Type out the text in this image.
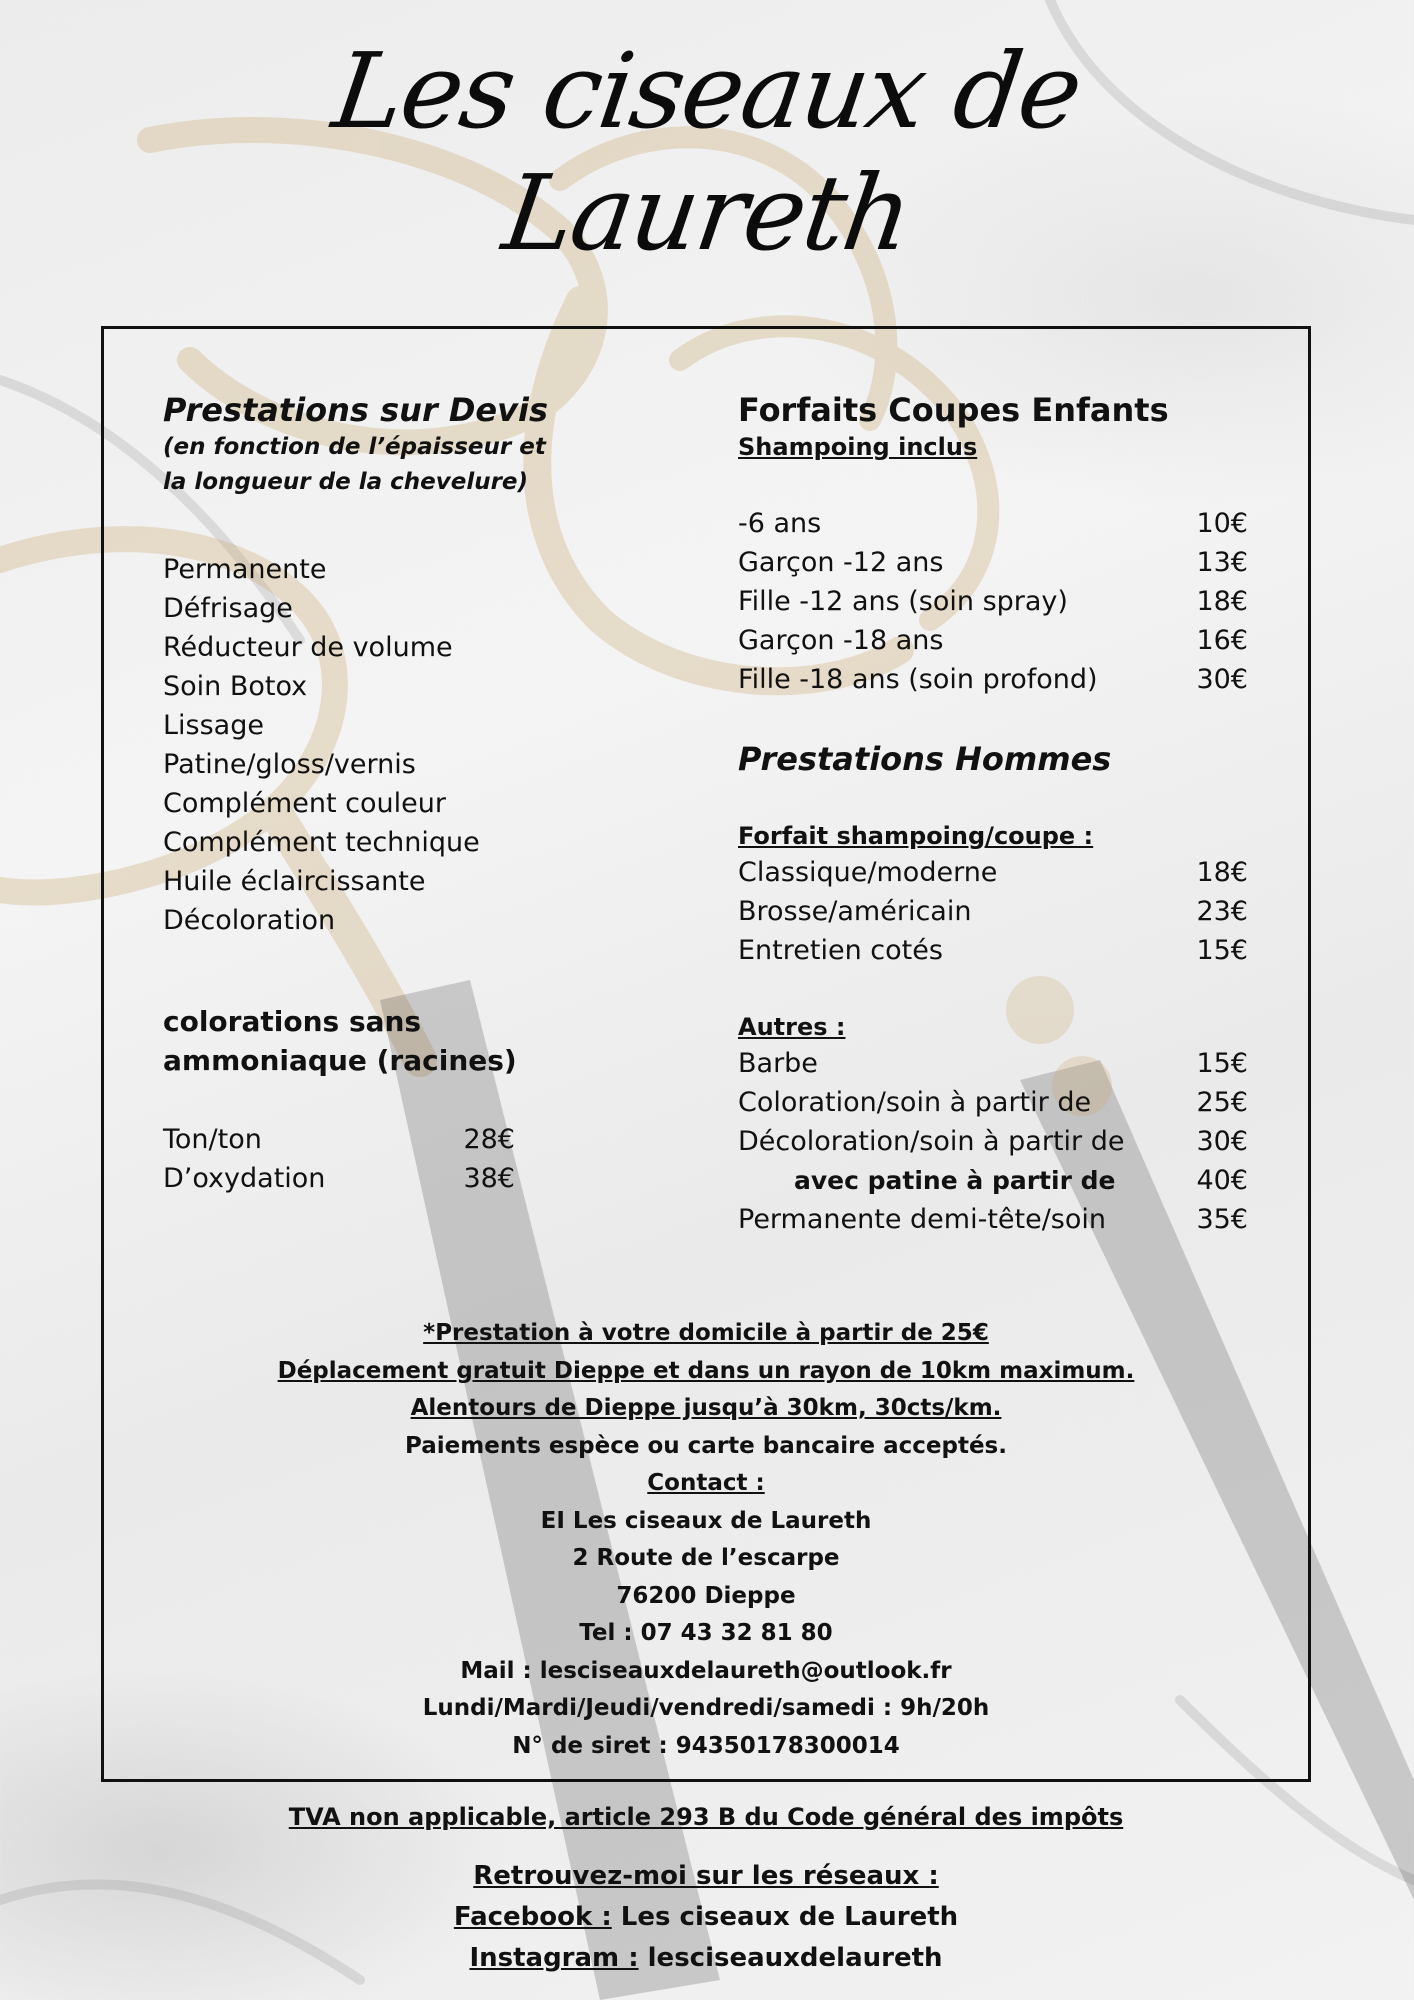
Les ciseaux de
Laureth
Prestations sur Devis
(en fonction de l’épaisseur et
la longueur de la chevelure)
Permanente
Défrisage
Réducteur de volume
Soin Botox
Lissage
Patine/gloss/vernis
Complément couleur
Complément technique
Huile éclaircissante
Décoloration
colorations sans
ammoniaque (racines)
Ton/ton	28€
D’oxydation	38€
Forfaits Coupes Enfants
Shampoing inclus
-6 ans	10€
Garçon -12 ans	13€
Fille -12 ans (soin spray)	18€
Garçon -18 ans	16€
Fille -18 ans (soin profond)	30€
Prestations Hommes
Forfait shampoing/coupe :
Classique/moderne	18€
Brosse/américain	23€
Entretien cotés	15€
Autres :
Barbe	15€
Coloration/soin à partir de	25€
Décoloration/soin à partir de	30€
avec patine à partir de	40€
Permanente demi-tête/soin	35€
*Prestation à votre domicile à partir de 25€
Déplacement gratuit Dieppe et dans un rayon de 10km maximum.
Alentours de Dieppe jusqu’à 30km, 30cts/km.
Paiements espèce ou carte bancaire acceptés.
Contact :
EI Les ciseaux de Laureth
2 Route de l’escarpe
76200 Dieppe
Tel : 07 43 32 81 80
Mail : lesciseauxdelaureth@outlook.fr
Lundi/Mardi/Jeudi/vendredi/samedi : 9h/20h
N° de siret : 94350178300014
TVA non applicable, article 293 B du Code général des impôts
Retrouvez-moi sur les réseaux :
Facebook : Les ciseaux de Laureth
Instagram : lesciseauxdelaureth
